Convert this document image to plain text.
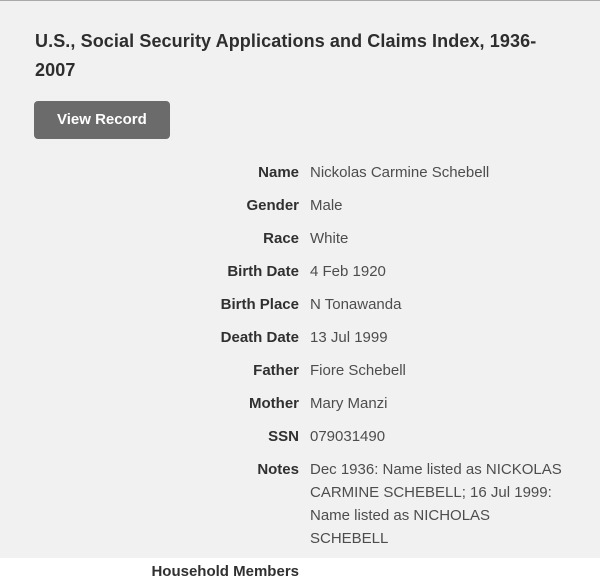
U.S., Social Security Applications and Claims Index, 1936-2007
View Record
Name Nickolas Carmine Schebell
Gender Male
Race White
Birth Date 4 Feb 1920
Birth Place N Tonawanda
Death Date 13 Jul 1999
Father Fiore Schebell
Mother Mary Manzi
SSN 079031490
Notes Dec 1936: Name listed as NICKOLAS CARMINE SCHEBELL; 16 Jul 1999: Name listed as NICHOLAS SCHEBELL
Household Members
